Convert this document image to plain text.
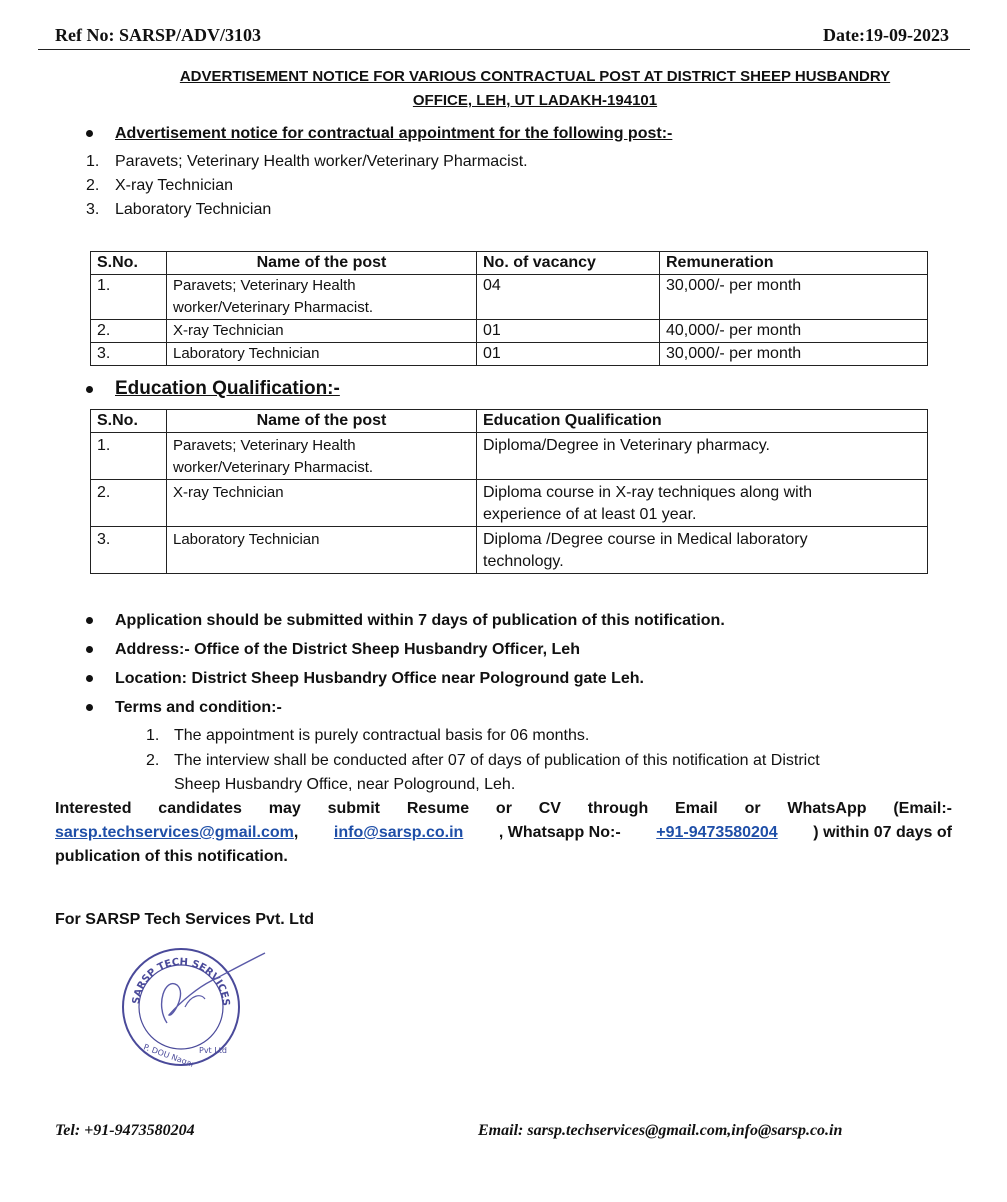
Ref No: SARSP/ADV/3103	Date:19-09-2023
ADVERTISEMENT NOTICE FOR VARIOUS CONTRACTUAL POST AT DISTRICT SHEEP HUSBANDRY
OFFICE, LEH, UT LADAKH-194101
Advertisement notice for contractual appointment for the following post:-
1. Paravets; Veterinary Health worker/Veterinary Pharmacist.
2. X-ray Technician
3. Laboratory Technician
S.No.	Name of the post	No. of vacancy	Remuneration
1.	Paravets; Veterinary Health
worker/Veterinary Pharmacist.	04	30,000/- per month
2.	X-ray Technician	01	40,000/- per month
3.	Laboratory Technician	01	30,000/- per month
Education Qualification:-
S.No.	Name of the post	Education Qualification
1.	Paravets; Veterinary Health
worker/Veterinary Pharmacist.	Diploma/Degree in Veterinary pharmacy.
2.	X-ray Technician	Diploma course in X-ray techniques along with
experience of at least 01 year.

3.	Laboratory Technician	Diploma /Degree course in Medical laboratory
technology.
Application should be submitted within 7 days of publication of this notification.
Address:- Office of the District Sheep Husbandry Officer, Leh
Location: District Sheep Husbandry Office near Pologround gate Leh.
Terms and condition:-
1. The appointment is purely contractual basis for 06 months.
2. The interview shall be conducted after 07 of days of publication of this notification at District
Sheep Husbandry Office, near Pologround, Leh.
Interested candidates may submit Resume or CV through Email or WhatsApp (Email:-
sarsp.techservices@gmail.com, info@sarsp.co.in , Whatsapp No:- +91-9473580204 ) within 07 days of
publication of this notification.
For SARSP Tech Services Pvt. Ltd
SARSP TECH SERVICES
P. DOU Nagar Pvt Ltd
Tel: +91-9473580204	Email: sarsp.techservices@gmail.com,info@sarsp.co.in
